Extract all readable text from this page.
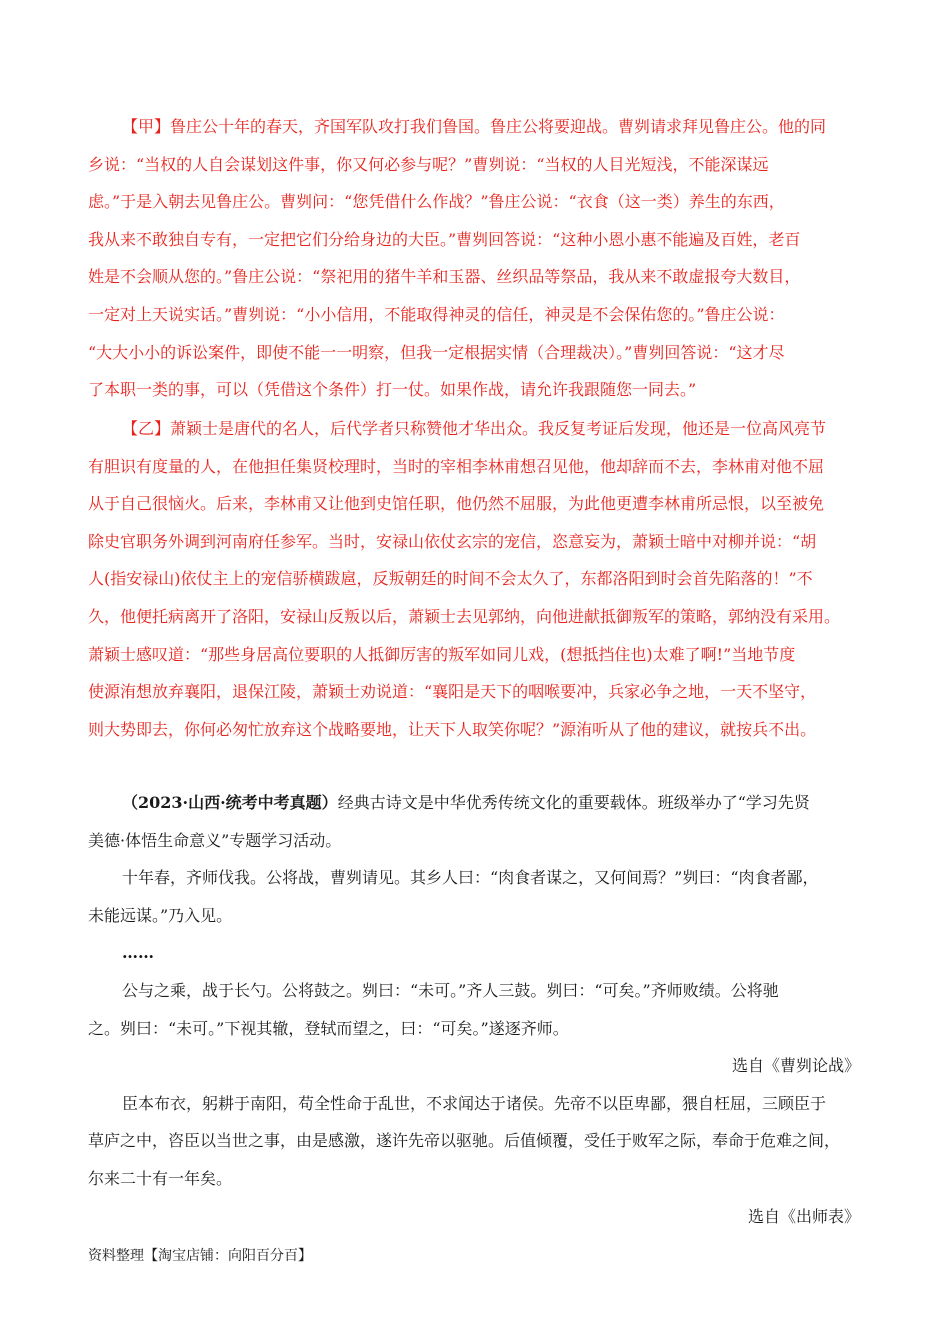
【甲】鲁庄公十年的春天，齐国军队攻打我们鲁国。鲁庄公将要迎战。曹刿请求拜见鲁庄公。他的同
乡说：“当权的人自会谋划这件事，你又何必参与呢？”曹刿说：“当权的人目光短浅，不能深谋远
虑。”于是入朝去见鲁庄公。曹刿问：“您凭借什么作战？”鲁庄公说：“衣食（这一类）养生的东西，
我从来不敢独自专有，一定把它们分给身边的大臣。”曹刿回答说：“这种小恩小惠不能遍及百姓，老百
姓是不会顺从您的。”鲁庄公说：“祭祀用的猪牛羊和玉器、丝织品等祭品，我从来不敢虚报夸大数目，
一定对上天说实话。”曹刿说：“小小信用，不能取得神灵的信任，神灵是不会保佑您的。”鲁庄公说：
“大大小小的诉讼案件，即使不能一一明察，但我一定根据实情（合理裁决）。”曹刿回答说：“这才尽
了本职一类的事，可以（凭借这个条件）打一仗。如果作战，请允许我跟随您一同去。”
【乙】萧颖士是唐代的名人，后代学者只称赞他才华出众。我反复考证后发现，他还是一位高风亮节
有胆识有度量的人，在他担任集贤校理时，当时的宰相李林甫想召见他，他却辞而不去，李林甫对他不屈
从于自己很恼火。后来，李林甫又让他到史馆任职，他仍然不屈服，为此他更遭李林甫所忌恨，以至被免
除史官职务外调到河南府任参军。当时，安禄山依仗玄宗的宠信，恣意妄为，萧颖士暗中对柳并说：“胡
人(指安禄山)依仗主上的宠信骄横跋扈，反叛朝廷的时间不会太久了，东都洛阳到时会首先陷落的！”不
久，他便托病离开了洛阳，安禄山反叛以后，萧颖士去见郭纳，向他进献抵御叛军的策略，郭纳没有采用。
萧颖士感叹道：“那些身居高位要职的人抵御厉害的叛军如同儿戏，(想抵挡住也)太难了啊!”当地节度
使源洧想放弃襄阳，退保江陵，萧颖士劝说道：“襄阳是天下的咽喉要冲，兵家必争之地，一天不坚守，
则大势即去，你何必匆忙放弃这个战略要地，让天下人取笑你呢？”源洧听从了他的建议，就按兵不出。
（2023·山西·统考中考真题）经典古诗文是中华优秀传统文化的重要载体。班级举办了“学习先贤
美德·体悟生命意义”专题学习活动。
十年春，齐师伐我。公将战，曹刿请见。其乡人曰：“肉食者谋之，又何间焉？”刿曰：“肉食者鄙，
未能远谋。”乃入见。
……
公与之乘，战于长勺。公将鼓之。刿曰：“未可。”齐人三鼓。刿曰：“可矣。”齐师败绩。公将驰
之。刿曰：“未可。”下视其辙，登轼而望之，曰：“可矣。”遂逐齐师。
选自《曹刿论战》
臣本布衣，躬耕于南阳，苟全性命于乱世，不求闻达于诸侯。先帝不以臣卑鄙，猥自枉屈，三顾臣于
草庐之中，咨臣以当世之事，由是感激，遂许先帝以驱驰。后值倾覆，受任于败军之际，奉命于危难之间，
尔来二十有一年矣。
选自《出师表》
资料整理【淘宝店铺：向阳百分百】
